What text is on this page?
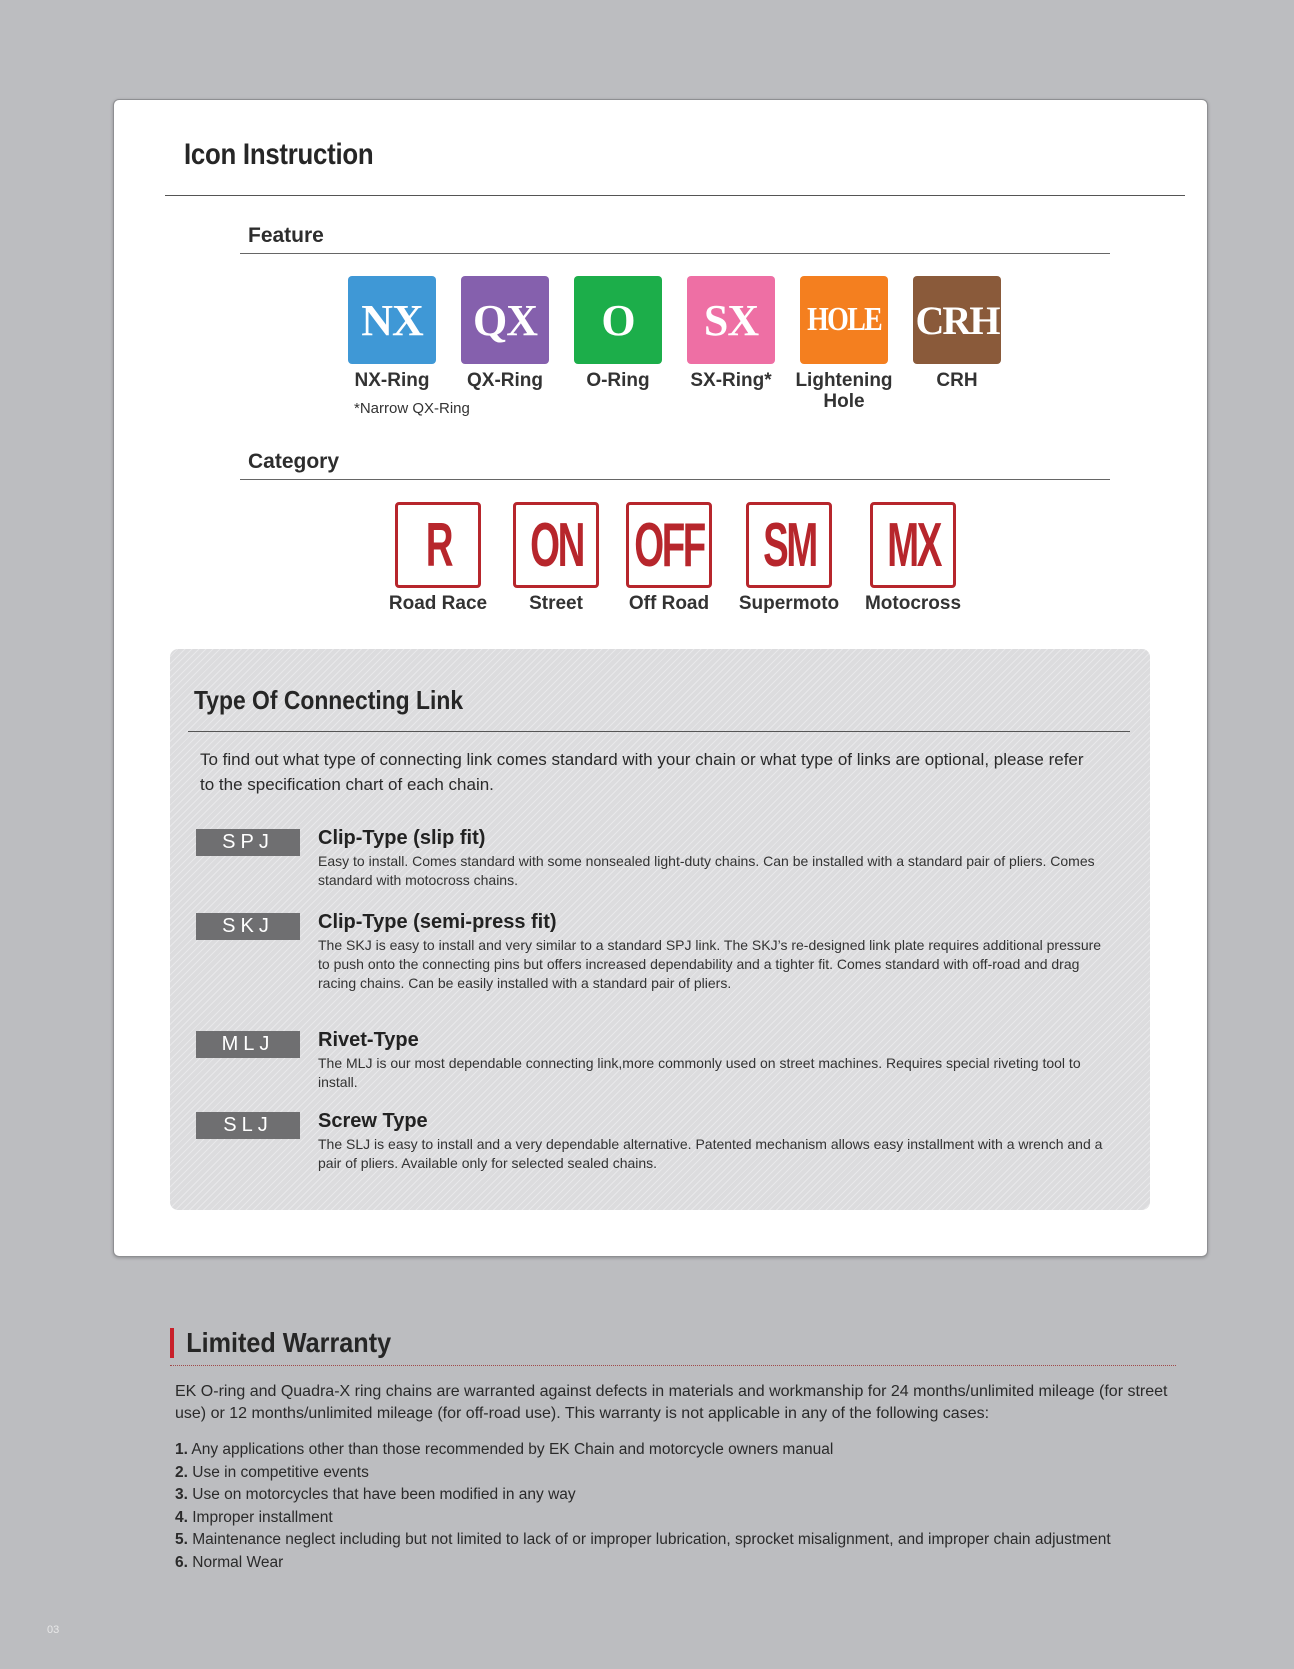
Icon Instruction
Feature
NX
NX-Ring
QX
QX-Ring
O
O-Ring
SX
SX-Ring*
HOLE
Lightening
Hole
CRH
CRH
*Narrow QX-Ring
Category
R
Road Race
ON
Street
OFF
Off Road
SM
Supermoto
MX
Motocross
Type Of Connecting Link
To find out what type of connecting link comes standard with your chain or what type of links are optional, please refer to the specification chart of each chain.
SPJ	Clip-Type (slip fit)
Easy to install. Comes standard with some nonsealed light-duty chains. Can be installed with a standard pair of pliers. Comes standard with motocross chains.
SKJ	Clip-Type (semi-press fit)
The SKJ is easy to install and very similar to a standard SPJ link. The SKJ’s re-designed link plate requires additional pressure to push onto the connecting pins but offers increased dependability and a tighter fit. Comes standard with off-road and drag racing chains. Can be easily installed with a standard pair of pliers.
MLJ	Rivet-Type
The MLJ is our most dependable connecting link,more commonly used on street machines. Requires special riveting tool to install.
SLJ	Screw Type
The SLJ is easy to install and a very dependable alternative. Patented mechanism allows easy installment with a wrench and a pair of pliers. Available only for selected sealed chains.
Limited Warranty
EK O-ring and Quadra-X ring chains are warranted against defects in materials and workmanship for 24 months/unlimited mileage (for street use) or 12 months/unlimited mileage (for off-road use). This warranty is not applicable in any of the following cases:
1. Any applications other than those recommended by EK Chain and motorcycle owners manual
2. Use in competitive events
3. Use on motorcycles that have been modified in any way
4. Improper installment
5. Maintenance neglect including but not limited to lack of or improper lubrication, sprocket misalignment, and improper chain adjustment
6. Normal Wear
03
